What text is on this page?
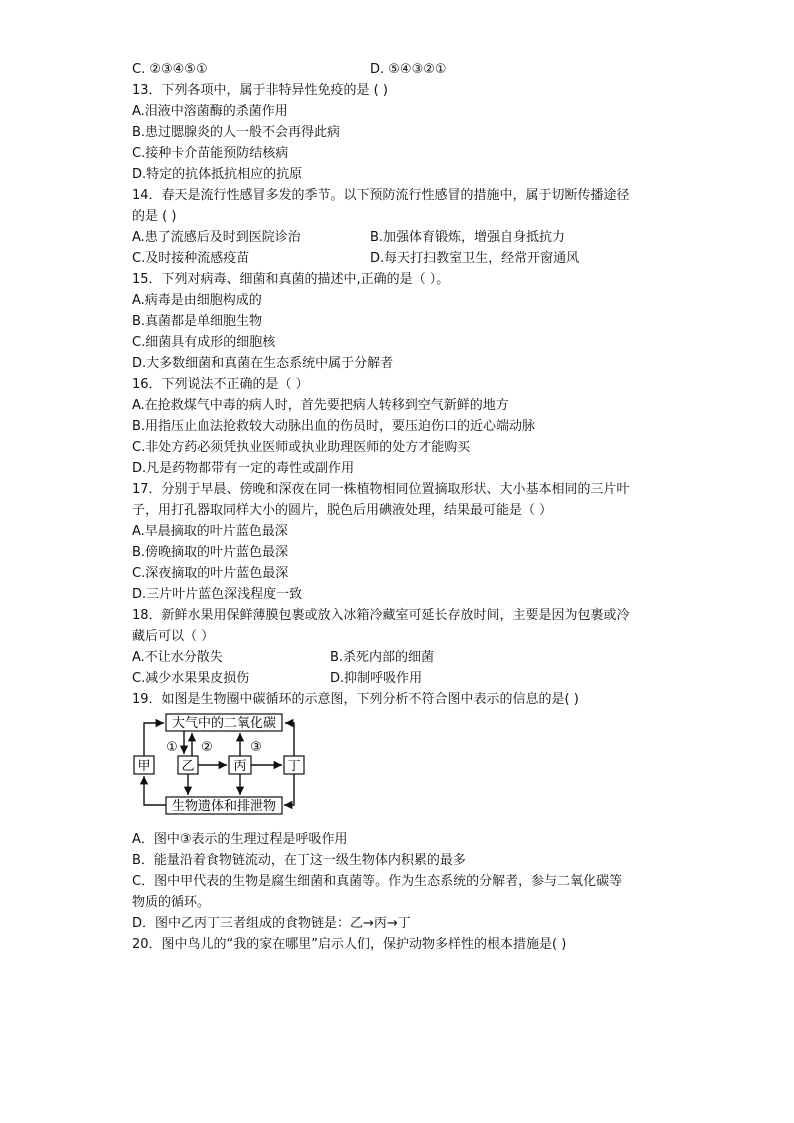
C. ②③④⑤①	D. ⑤④③②①
13．下列各项中，属于非特异性免疫的是 ( )
A.泪液中溶菌酶的杀菌作用
B.患过腮腺炎的人一般不会再得此病
C.接种卡介苗能预防结核病
D.特定的抗体抵抗相应的抗原
14．春天是流行性感冒多发的季节。以下预防流行性感冒的措施中，属于切断传播途径
的是 ( )
A.患了流感后及时到医院诊治	B.加强体育锻炼，增强自身抵抗力
C.及时接种流感疫苗	D.每天打扫教室卫生，经常开窗通风
15．下列对病毒、细菌和真菌的描述中,正确的是（ ）。
A.病毒是由细胞构成的
B.真菌都是单细胞生物
C.细菌具有成形的细胞核
D.大多数细菌和真菌在生态系统中属于分解者
16．下列说法不正确的是（ ）
A.在抢救煤气中毒的病人时，首先要把病人转移到空气新鲜的地方
B.用指压止血法抢救较大动脉出血的伤员时，要压迫伤口的近心端动脉
C.非处方药必须凭执业医师或执业助理医师的处方才能购买
D.凡是药物都带有一定的毒性或副作用
17．分别于早晨、傍晚和深夜在同一株植物相同位置摘取形状、大小基本相同的三片叶
子，用打孔器取同样大小的圆片，脱色后用碘液处理，结果最可能是（ ）
A.早晨摘取的叶片蓝色最深
B.傍晚摘取的叶片蓝色最深
C.深夜摘取的叶片蓝色最深
D.三片叶片蓝色深浅程度一致
18．新鲜水果用保鲜薄膜包裹或放入冰箱冷藏室可延长存放时间，主要是因为包裹或冷
藏后可以（ ）
A.不让水分散失	B.杀死内部的细菌
C.减少水果果皮损伤	D.抑制呼吸作用
19．如图是生物圈中碳循环的示意图，下列分析不符合图中表示的信息的是( )
大气中的二氧化碳
生物遗体和排泄物
甲 乙	丙	丁
① ②	③
A．图中③表示的生理过程是呼吸作用
B．能量沿着食物链流动，在丁这一级生物体内积累的最多
C．图中甲代表的生物是腐生细菌和真菌等。作为生态系统的分解者，参与二氧化碳等
物质的循环。
D．图中乙丙丁三者组成的食物链是：乙→丙→丁
20．图中鸟儿的“我的家在哪里”启示人们，保护动物多样性的根本措施是( )
